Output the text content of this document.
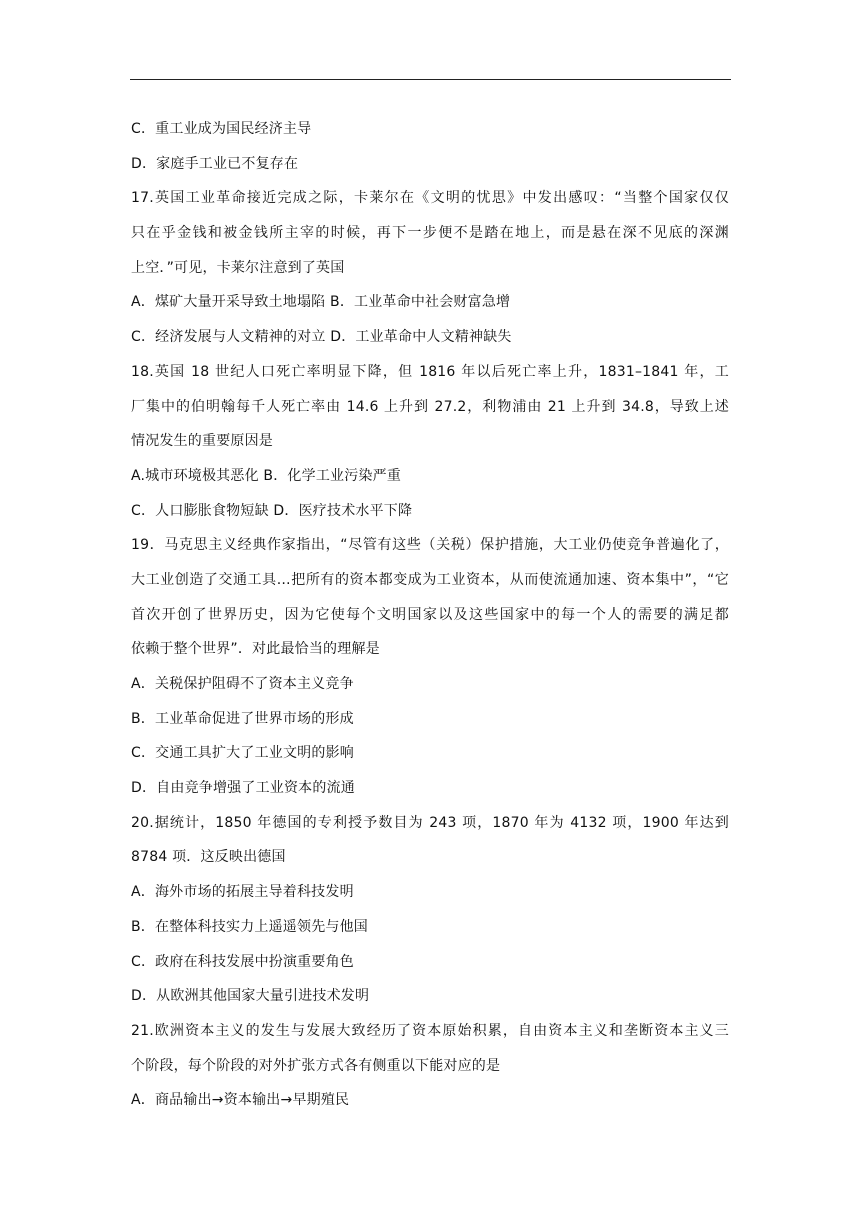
C．重工业成为国民经济主导
D．家庭手工业已不复存在
17.英国工业革命接近完成之际，卡莱尔在《文明的忧思》中发出感叹：“当整个国家仅仅
只在乎金钱和被金钱所主宰的时候，再下一步便不是踏在地上，而是悬在深不见底的深渊
上空．”可见，卡莱尔注意到了英国
A．煤矿大量开采导致土地塌陷 B．工业革命中社会财富急增
C．经济发展与人文精神的对立 D．工业革命中人文精神缺失
18.英国 18 世纪人口死亡率明显下降，但 1816 年以后死亡率上升，1831–1841 年，工
厂集中的伯明翰每千人死亡率由 14.6 上升到 27.2，利物浦由 21 上升到 34.8，导致上述
情况发生的重要原因是
A.城市环境极其恶化 B．化学工业污染严重
C．人口膨胀食物短缺 D．医疗技术水平下降
19．马克思主义经典作家指出，“尽管有这些（关税）保护措施，大工业仍使竞争普遍化了，
大工业创造了交通工具…把所有的资本都变成为工业资本，从而使流通加速、资本集中”，“它
首次开创了世界历史，因为它使每个文明国家以及这些国家中的每一个人的需要的满足都
依赖于整个世界”．对此最恰当的理解是
A．关税保护阻碍不了资本主义竞争
B．工业革命促进了世界市场的形成
C．交通工具扩大了工业文明的影响
D．自由竞争增强了工业资本的流通
20.据统计，1850 年德国的专利授予数目为 243 项，1870 年为 4132 项，1900 年达到
8784 项．这反映出德国
A．海外市场的拓展主导着科技发明
B．在整体科技实力上遥遥领先与他国
C．政府在科技发展中扮演重要角色
D．从欧洲其他国家大量引进技术发明
21.欧洲资本主义的发生与发展大致经历了资本原始积累，自由资本主义和垄断资本主义三
个阶段，每个阶段的对外扩张方式各有侧重以下能对应的是
A．商品输出→资本输出→早期殖民
